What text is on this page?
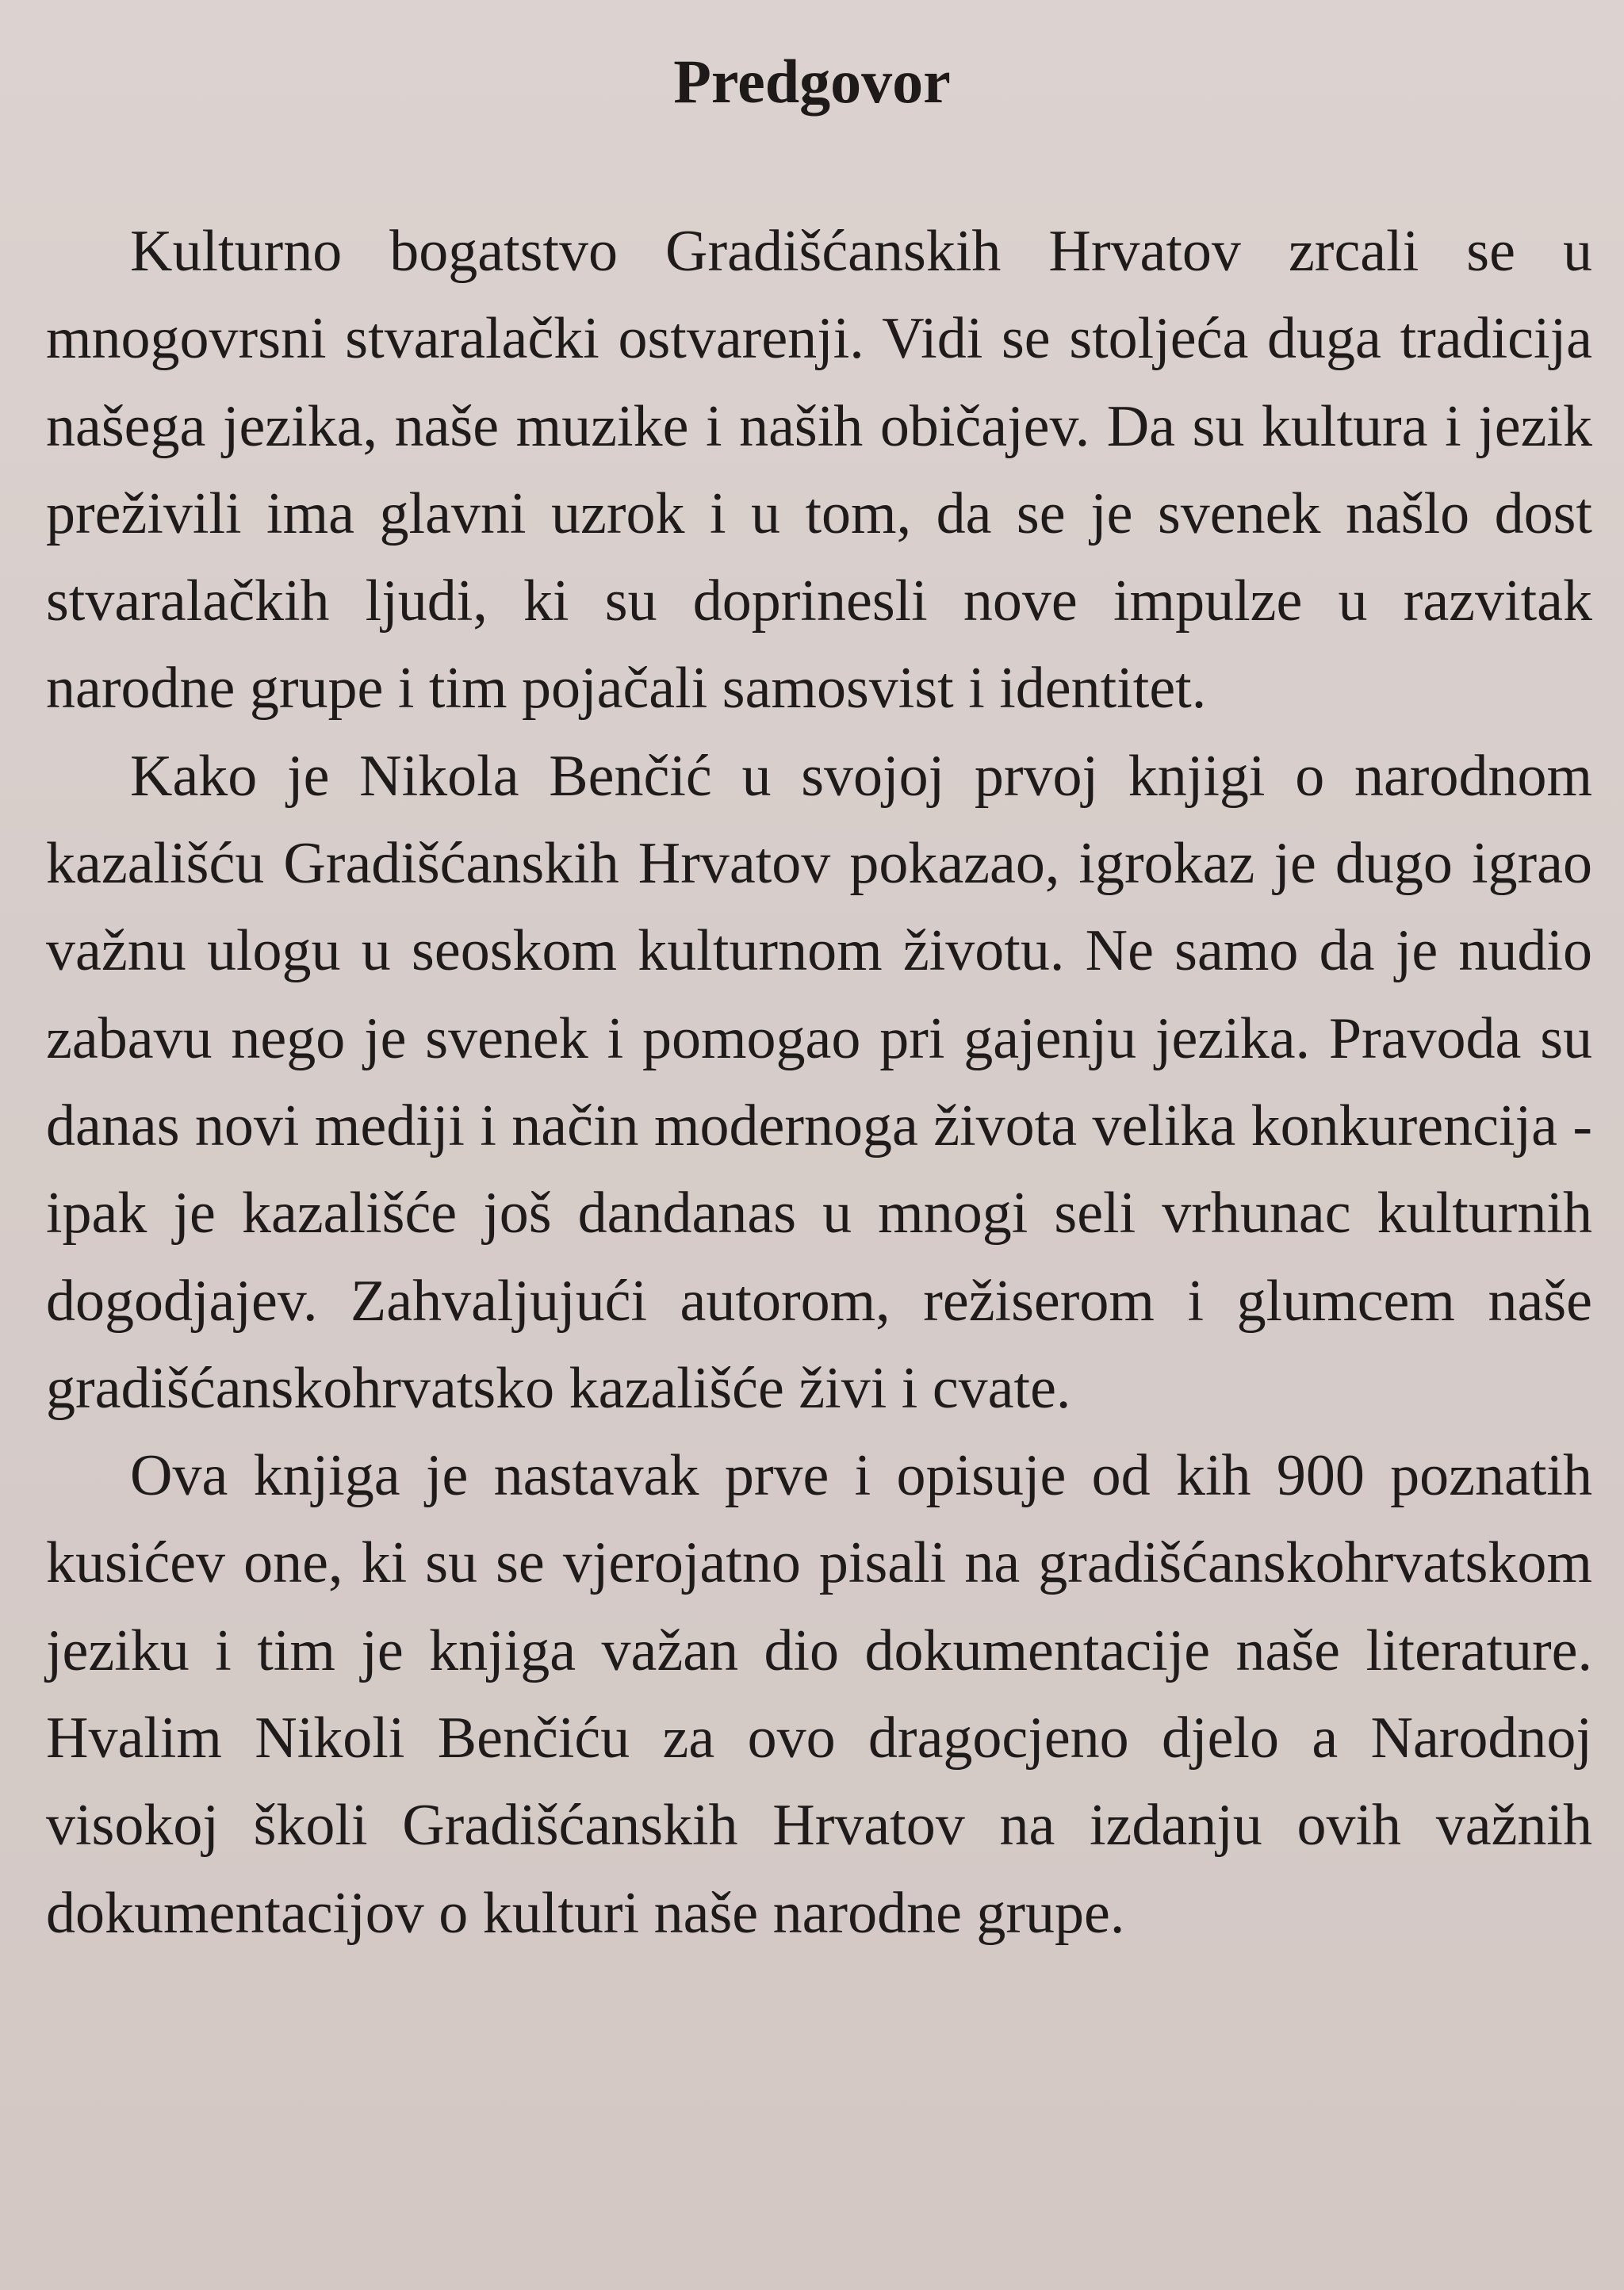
Predgovor

Kulturno bogatstvo Gradišćanskih Hrvatov zrcali se u mnogovrsni stvaralački ostvarenji. Vidi se stoljeća duga tradicija našega jezika, naše muzike i naših običajev. Da su kultura i jezik preživili ima glavni uzrok i u tom, da se je svenek našlo dost stvaralačkih ljudi, ki su doprinesli nove impulze u razvitak narodne grupe i tim pojačali samosvist i identitet.

Kako je Nikola Benčić u svojoj prvoj knjigi o narodnom kazališću Gradišćanskih Hrvatov pokazao, igrokaz je dugo igrao važnu ulogu u seoskom kulturnom životu. Ne samo da je nudio zabavu nego je svenek i pomogao pri gajenju jezika. Pravoda su danas novi mediji i način modernoga života velika konkurencija - ipak je kazališće još dandanas u mnogi seli vrhunac kulturnih dogodjajev. Zahvaljujući autorom, režiserom i glumcem naše gradišćanskohrvatsko kazališće živi i cvate.

Ova knjiga je nastavak prve i opisuje od kih 900 poznatih kusićev one, ki su se vjerojatno pisali na gradišćanskohrvatskom jeziku i tim je knjiga važan dio dokumentacije naše literature. Hvalim Nikoli Benčiću za ovo dragocjeno djelo a Narodnoj visokoj školi Gradišćanskih Hrvatov na izdanju ovih važnih dokumentacijov o kulturi naše narodne grupe.
